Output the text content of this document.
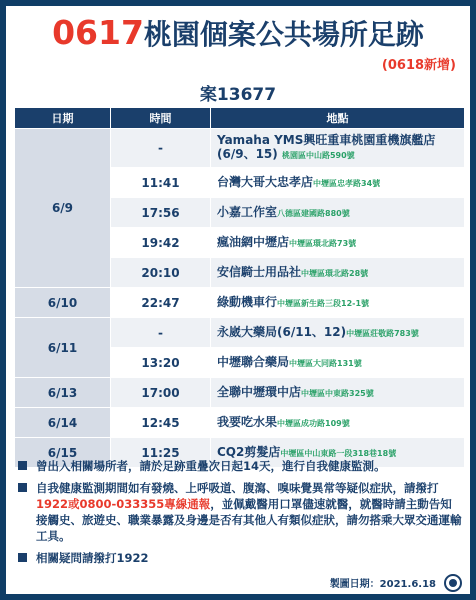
0617桃園個案公共場所足跡
(0618新增)
案13677
日期	時間	地點
6/9	-	Yamaha YMS興旺重車桃園重機旗艦店
(6/9、15) 桃園區中山路590號
	11:41	台灣大哥大忠孝店中壢區忠孝路34號
	17:56	小嘉工作室八德區建國路880號
	19:42	瘋油網中壢店中壢區環北路73號
	20:10	安信騎士用品社中壢區環北路28號
6/10	22:47	綠動機車行中壢區新生路三段12-1號
6/11	-	永崴大藥局(6/11、12)中壢區莊敬路783號
	13:20	中壢聯合藥局中壢區大同路131號
6/13	17:00	全聯中壢環中店中壢區中東路325號
6/14	12:45	我要吃水果中壢區成功路109號
6/15	11:25	CQ2剪髮店中壢區中山東路一段318巷18號
曾出入相關場所者，請於足跡重疊次日起14天，進行自我健康監測。
自我健康監測期間如有發燒、上呼吸道、腹瀉、嗅味覺異常等疑似症狀，請撥打1922或0800-033355專線通報，並佩戴醫用口罩儘速就醫，就醫時請主動告知接觸史、旅遊史、職業暴露及身邊是否有其他人有類似症狀，請勿搭乘大眾交通運輸工具。
相關疑問請撥打1922
製圖日期：2021.6.18
